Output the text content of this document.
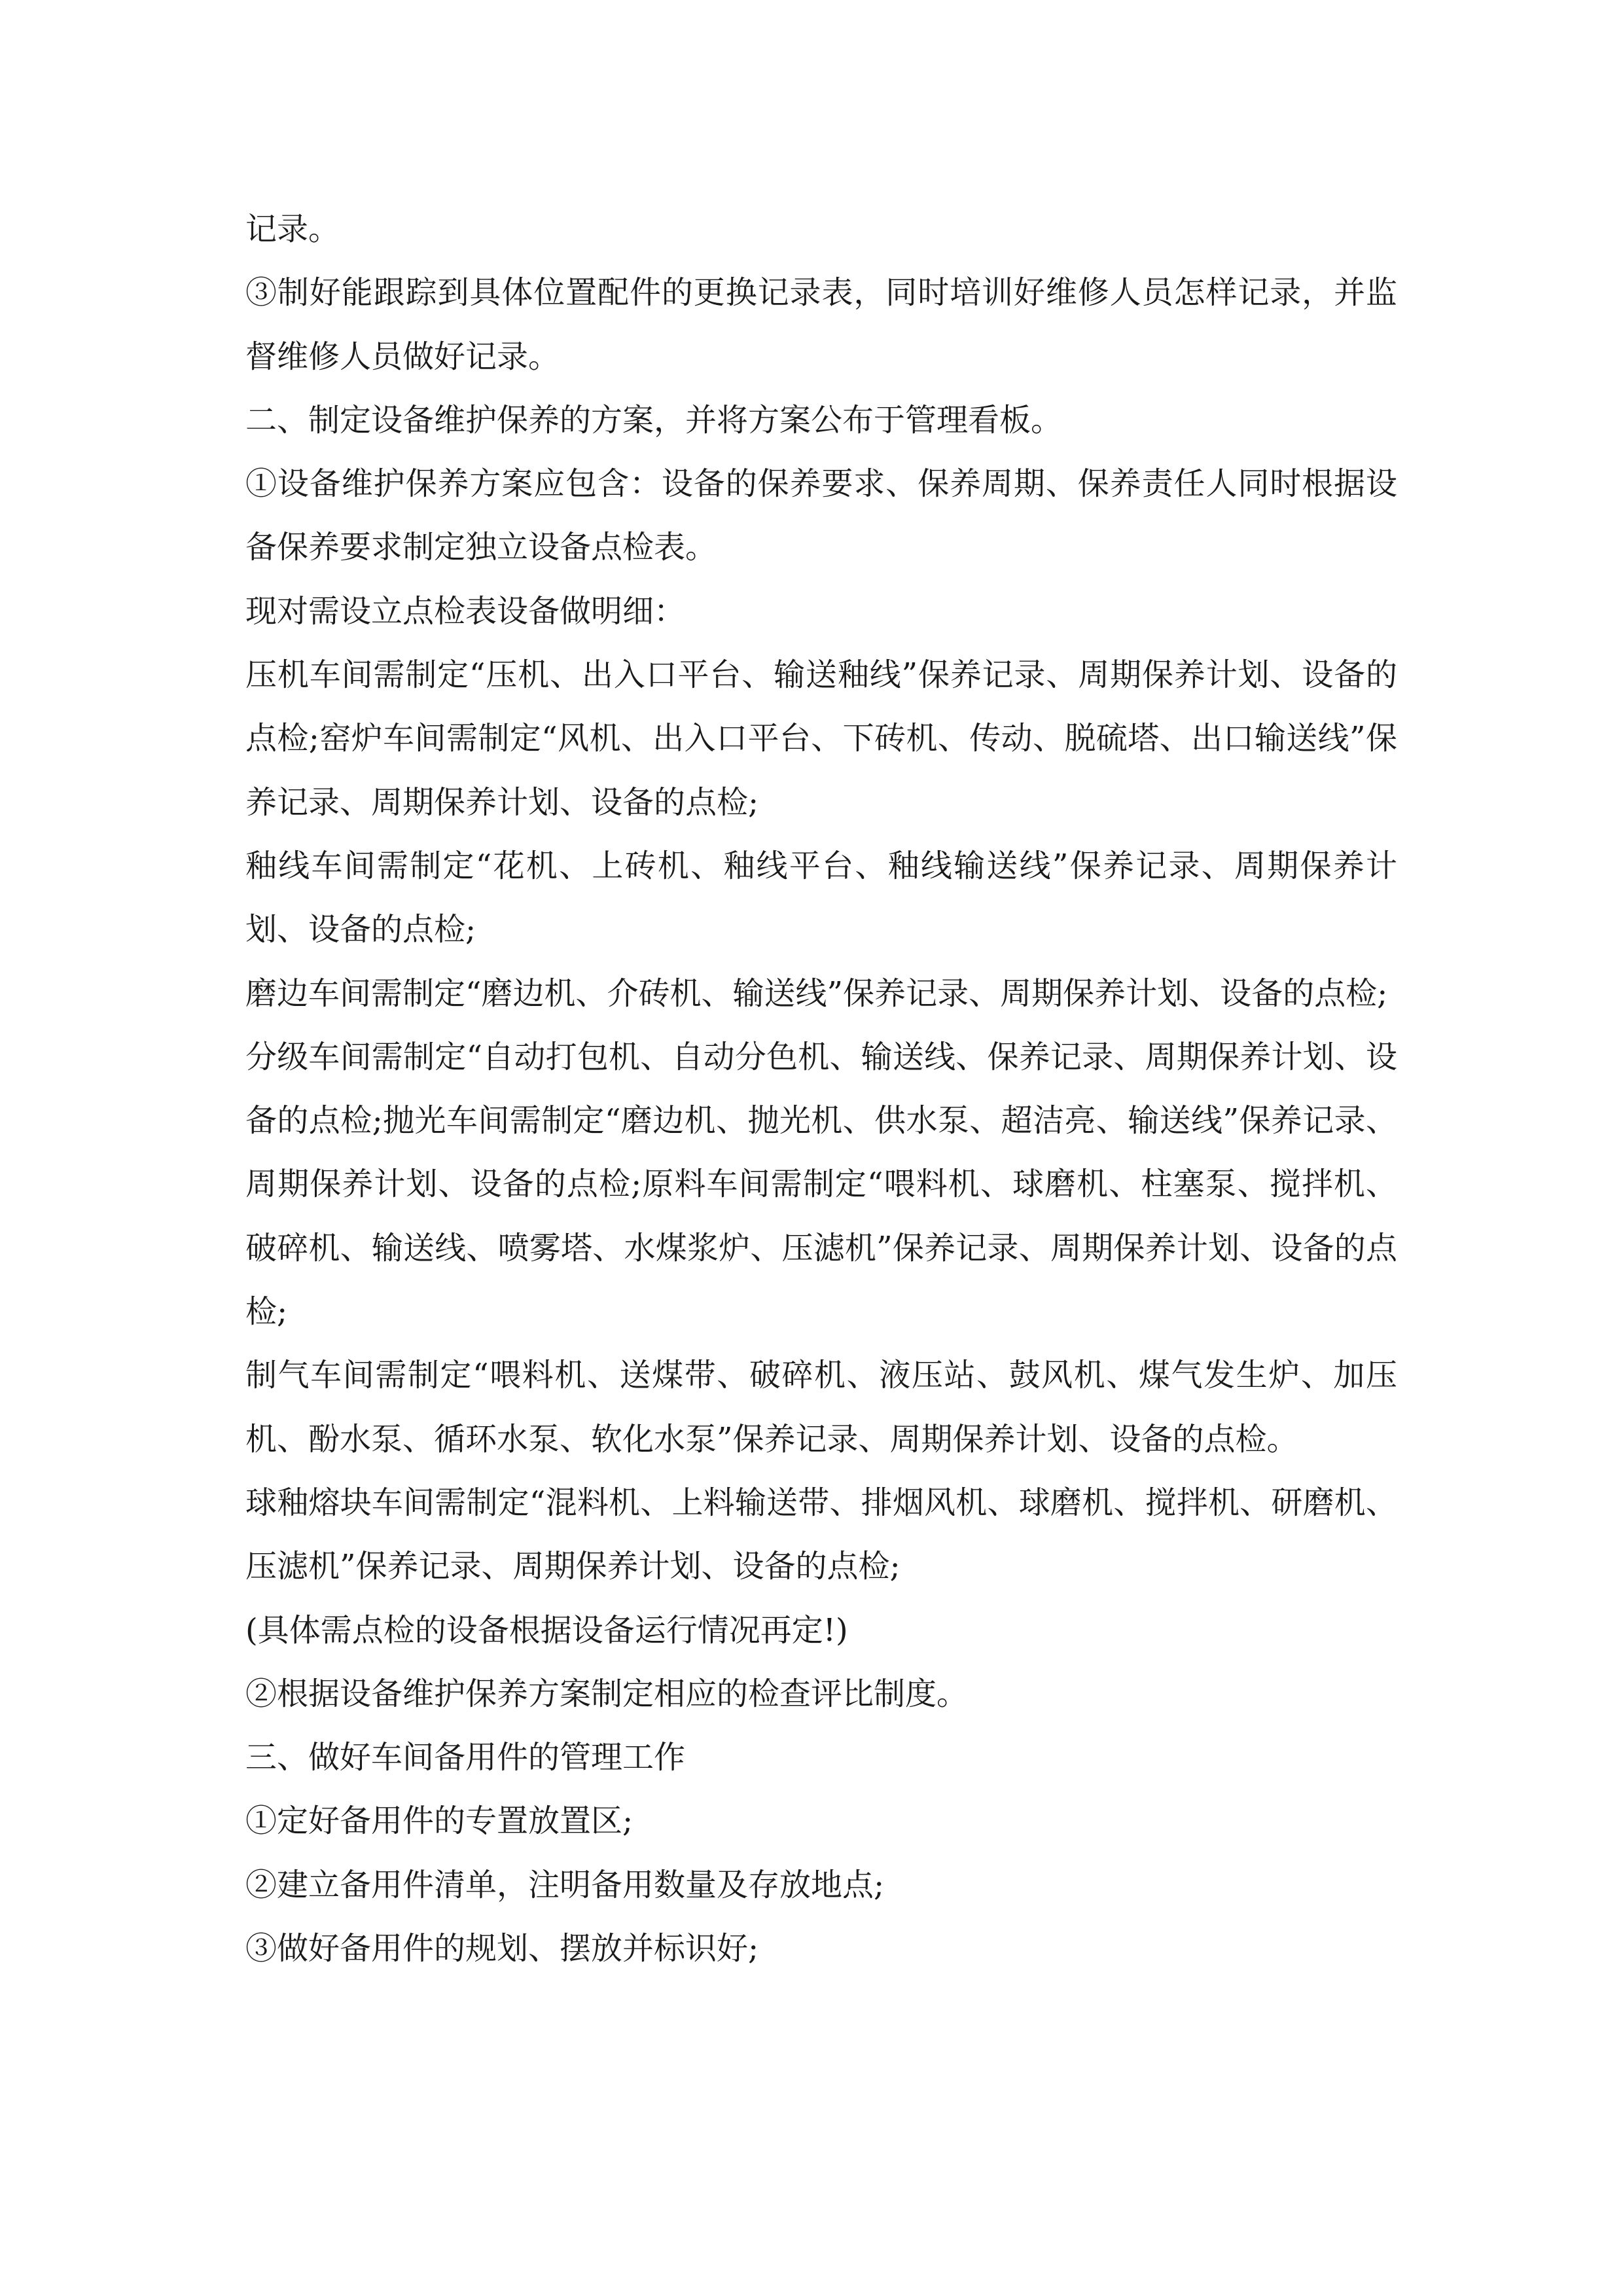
记录。

③制好能跟踪到具体位置配件的更换记录表，同时培训好维修人员怎样记录，并监督维修人员做好记录。

二、制定设备维护保养的方案，并将方案公布于管理看板。

①设备维护保养方案应包含：设备的保养要求、保养周期、保养责任人同时根据设备保养要求制定独立设备点检表。

现对需设立点检表设备做明细：

压机车间需制定“压机、出入口平台、输送釉线”保养记录、周期保养计划、设备的点检;窑炉车间需制定“风机、出入口平台、下砖机、传动、脱硫塔、出口输送线”保养记录、周期保养计划、设备的点检;

釉线车间需制定“花机、上砖机、釉线平台、釉线输送线”保养记录、周期保养计划、设备的点检;

磨边车间需制定“磨边机、介砖机、输送线”保养记录、周期保养计划、设备的点检;

分级车间需制定“自动打包机、自动分色机、输送线、保养记录、周期保养计划、设备的点检;抛光车间需制定“磨边机、抛光机、供水泵、超洁亮、输送线”保养记录、周期保养计划、设备的点检;原料车间需制定“喂料机、球磨机、柱塞泵、搅拌机、破碎机、输送线、喷雾塔、水煤浆炉、压滤机”保养记录、周期保养计划、设备的点检;

制气车间需制定“喂料机、送煤带、破碎机、液压站、鼓风机、煤气发生炉、加压机、酚水泵、循环水泵、软化水泵”保养记录、周期保养计划、设备的点检。

球釉熔块车间需制定“混料机、上料输送带、排烟风机、球磨机、搅拌机、研磨机、压滤机”保养记录、周期保养计划、设备的点检;

(具体需点检的设备根据设备运行情况再定!)

②根据设备维护保养方案制定相应的检查评比制度。

三、做好车间备用件的管理工作

①定好备用件的专置放置区;

②建立备用件清单，注明备用数量及存放地点;

③做好备用件的规划、摆放并标识好;
